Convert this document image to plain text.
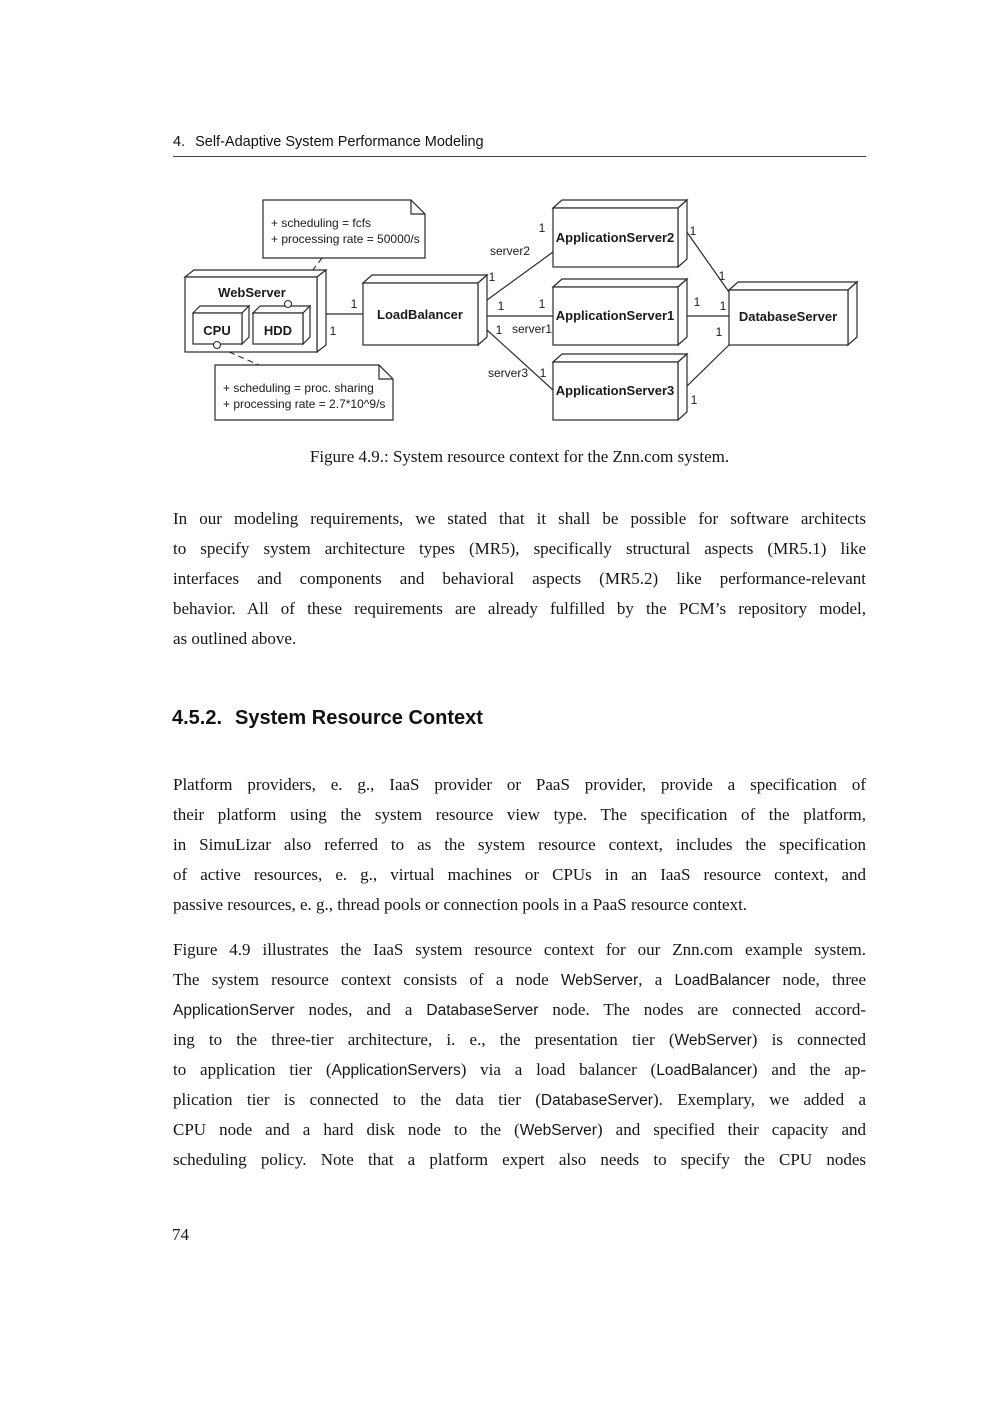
4. Self-Adaptive System Performance Modeling
+ scheduling = fcfs
+ processing rate = 50000/s
+ scheduling = proc. sharing
+ processing rate = 2.7*10^9/s
WebServer
CPU	HDD
LoadBalancer
ApplicationServer2
ApplicationServer1
ApplicationServer3
DatabaseServer
1
1
1
1
1	1
1
1
1
1
1 1
1
1
server2
server1
server3
Figure 4.9.: System resource context for the Znn.com system.
In our modeling requirements, we stated that it shall be possible for software architects
to specify system architecture types (MR5), specifically structural aspects (MR5.1) like
interfaces and components and behavioral aspects (MR5.2) like performance-relevant
behavior. All of these requirements are already fulfilled by the PCM’s repository model,
as outlined above.
4.5.2. System Resource Context
Platform providers, e. g., IaaS provider or PaaS provider, provide a specification of
their platform using the system resource view type. The specification of the platform,
in SimuLizar also referred to as the system resource context, includes the specification
of active resources, e. g., virtual machines or CPUs in an IaaS resource context, and
passive resources, e. g., thread pools or connection pools in a PaaS resource context.
Figure 4.9 illustrates the IaaS system resource context for our Znn.com example system.
The system resource context consists of a node WebServer, a LoadBalancer node, three
ApplicationServer nodes, and a DatabaseServer node. The nodes are connected accord-
ing to the three-tier architecture, i. e., the presentation tier (WebServer) is connected
to application tier (ApplicationServers) via a load balancer (LoadBalancer) and the ap-
plication tier is connected to the data tier (DatabaseServer). Exemplary, we added a
CPU node and a hard disk node to the (WebServer) and specified their capacity and
scheduling policy. Note that a platform expert also needs to specify the CPU nodes
74
